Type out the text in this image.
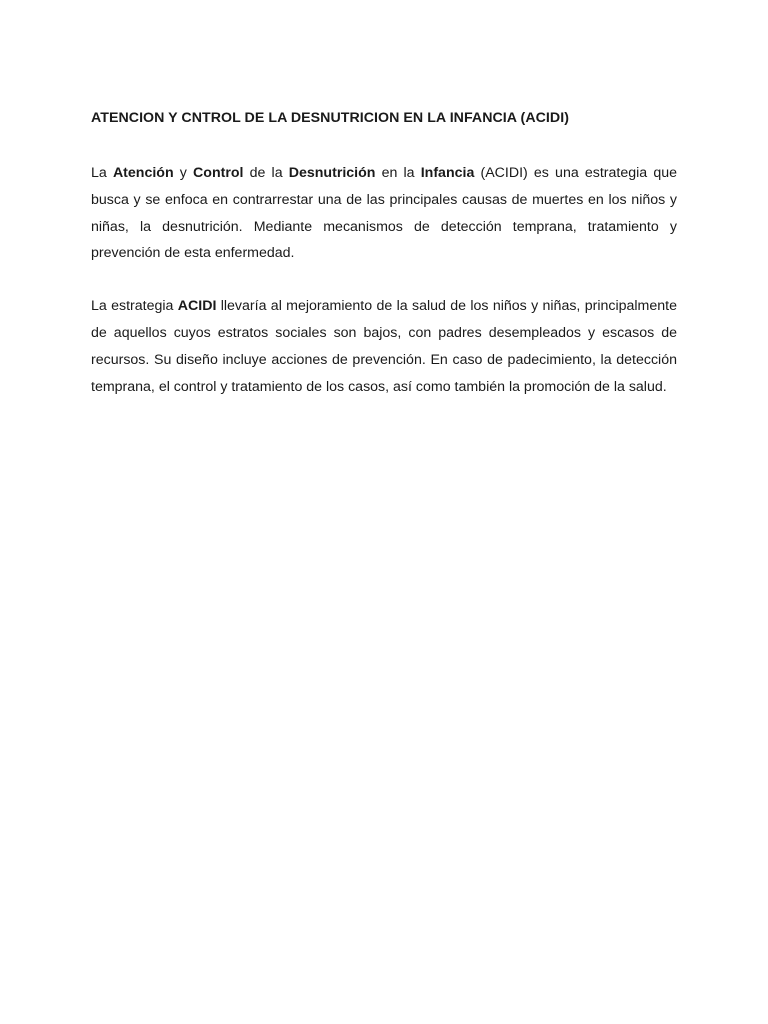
ATENCION Y CNTROL DE LA DESNUTRICION EN LA INFANCIA (ACIDI)

La Atención y Control de la Desnutrición en la Infancia (ACIDI) es una estrategia que busca y se enfoca en contrarrestar una de las principales causas de muertes en los niños y niñas, la desnutrición. Mediante mecanismos de detección temprana, tratamiento y prevención de esta enfermedad.

La estrategia ACIDI llevaría al mejoramiento de la salud de los niños y niñas, principalmente de aquellos cuyos estratos sociales son bajos, con padres desempleados y escasos de recursos. Su diseño incluye acciones de prevención. En caso de padecimiento, la detección temprana, el control y tratamiento de los casos, así como también la promoción de la salud.
